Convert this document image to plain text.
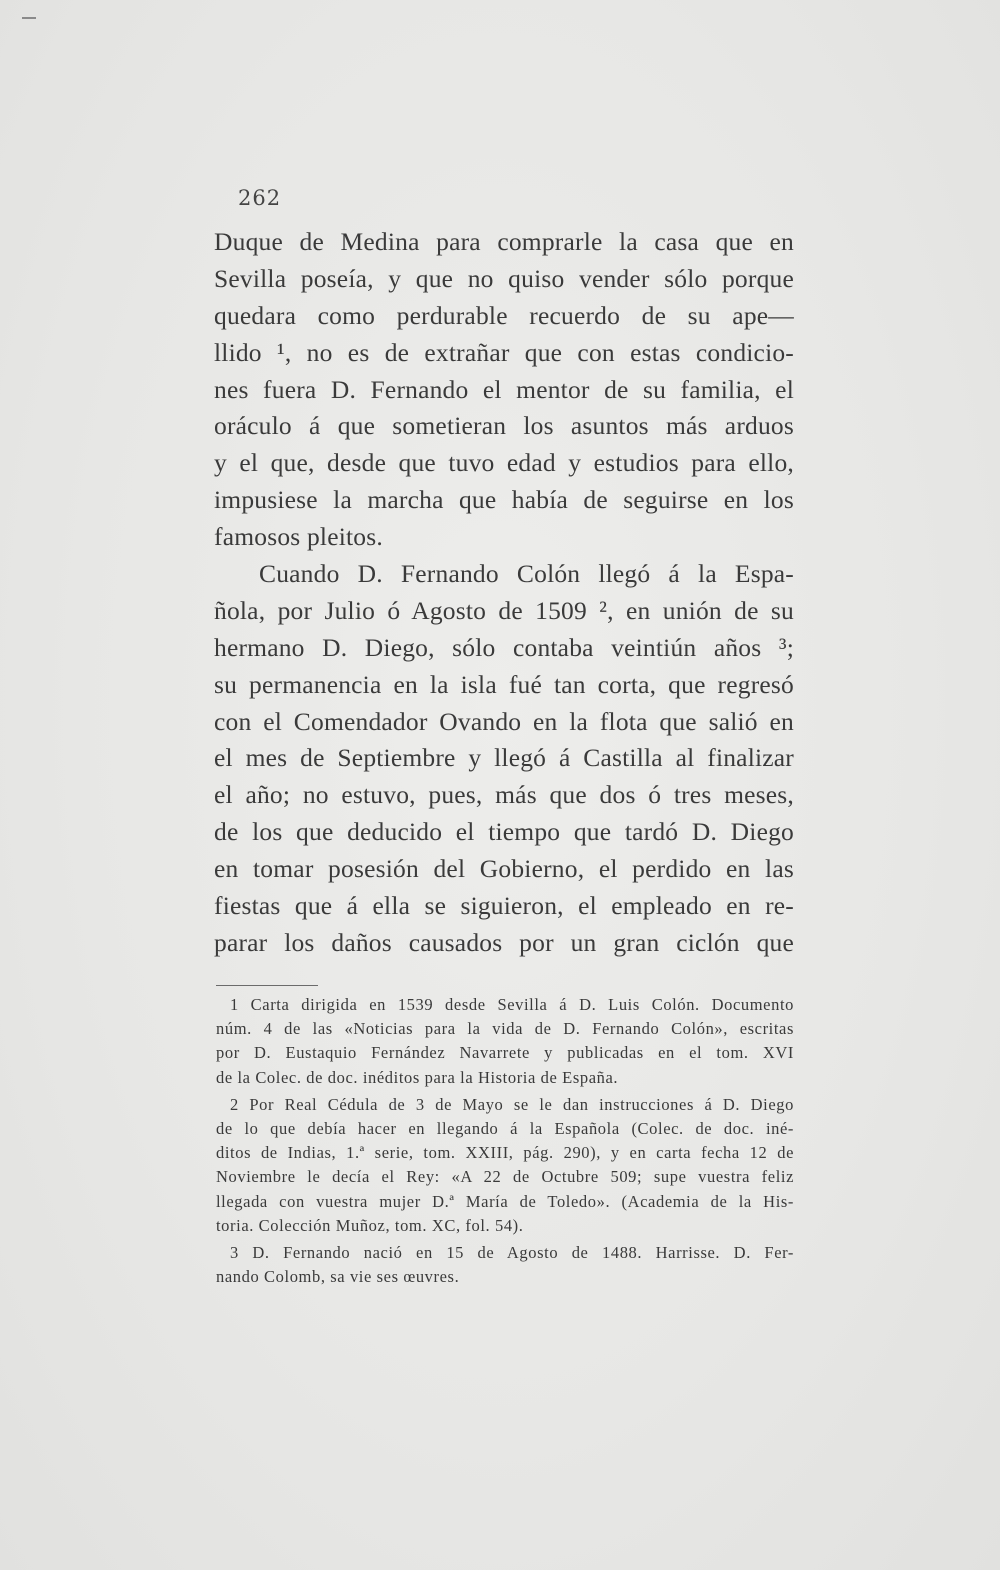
262
Duque de Medina para comprarle la casa que en
Sevilla poseía, y que no quiso vender sólo porque
quedara como perdurable recuerdo de su ape—
llido ¹, no es de extrañar que con estas condicio-
nes fuera D. Fernando el mentor de su familia, el
oráculo á que sometieran los asuntos más arduos
y el que, desde que tuvo edad y estudios para ello,
impusiese la marcha que había de seguirse en los
famosos pleitos.
Cuando D. Fernando Colón llegó á la Espa-
ñola, por Julio ó Agosto de 1509 ², en unión de su
hermano D. Diego, sólo contaba veintiún años ³;
su permanencia en la isla fué tan corta, que regresó
con el Comendador Ovando en la flota que salió en
el mes de Septiembre y llegó á Castilla al finalizar
el año; no estuvo, pues, más que dos ó tres meses,
de los que deducido el tiempo que tardó D. Diego
en tomar posesión del Gobierno, el perdido en las
fiestas que á ella se siguieron, el empleado en re-
parar los daños causados por un gran ciclón que
1 Carta dirigida en 1539 desde Sevilla á D. Luis Colón. Documento
núm. 4 de las «Noticias para la vida de D. Fernando Colón», escritas
por D. Eustaquio Fernández Navarrete y publicadas en el tom. XVI
de la Colec. de doc. inéditos para la Historia de España.
2 Por Real Cédula de 3 de Mayo se le dan instrucciones á D. Diego
de lo que debía hacer en llegando á la Española (Colec. de doc. iné-
ditos de Indias, 1.ª serie, tom. XXIII, pág. 290), y en carta fecha 12 de
Noviembre le decía el Rey: «A 22 de Octubre 509; supe vuestra feliz
llegada con vuestra mujer D.ª María de Toledo». (Academia de la His-
toria. Colección Muñoz, tom. XC, fol. 54).
3 D. Fernando nació en 15 de Agosto de 1488. Harrisse. D. Fer-
nando Colomb, sa vie ses œuvres.
